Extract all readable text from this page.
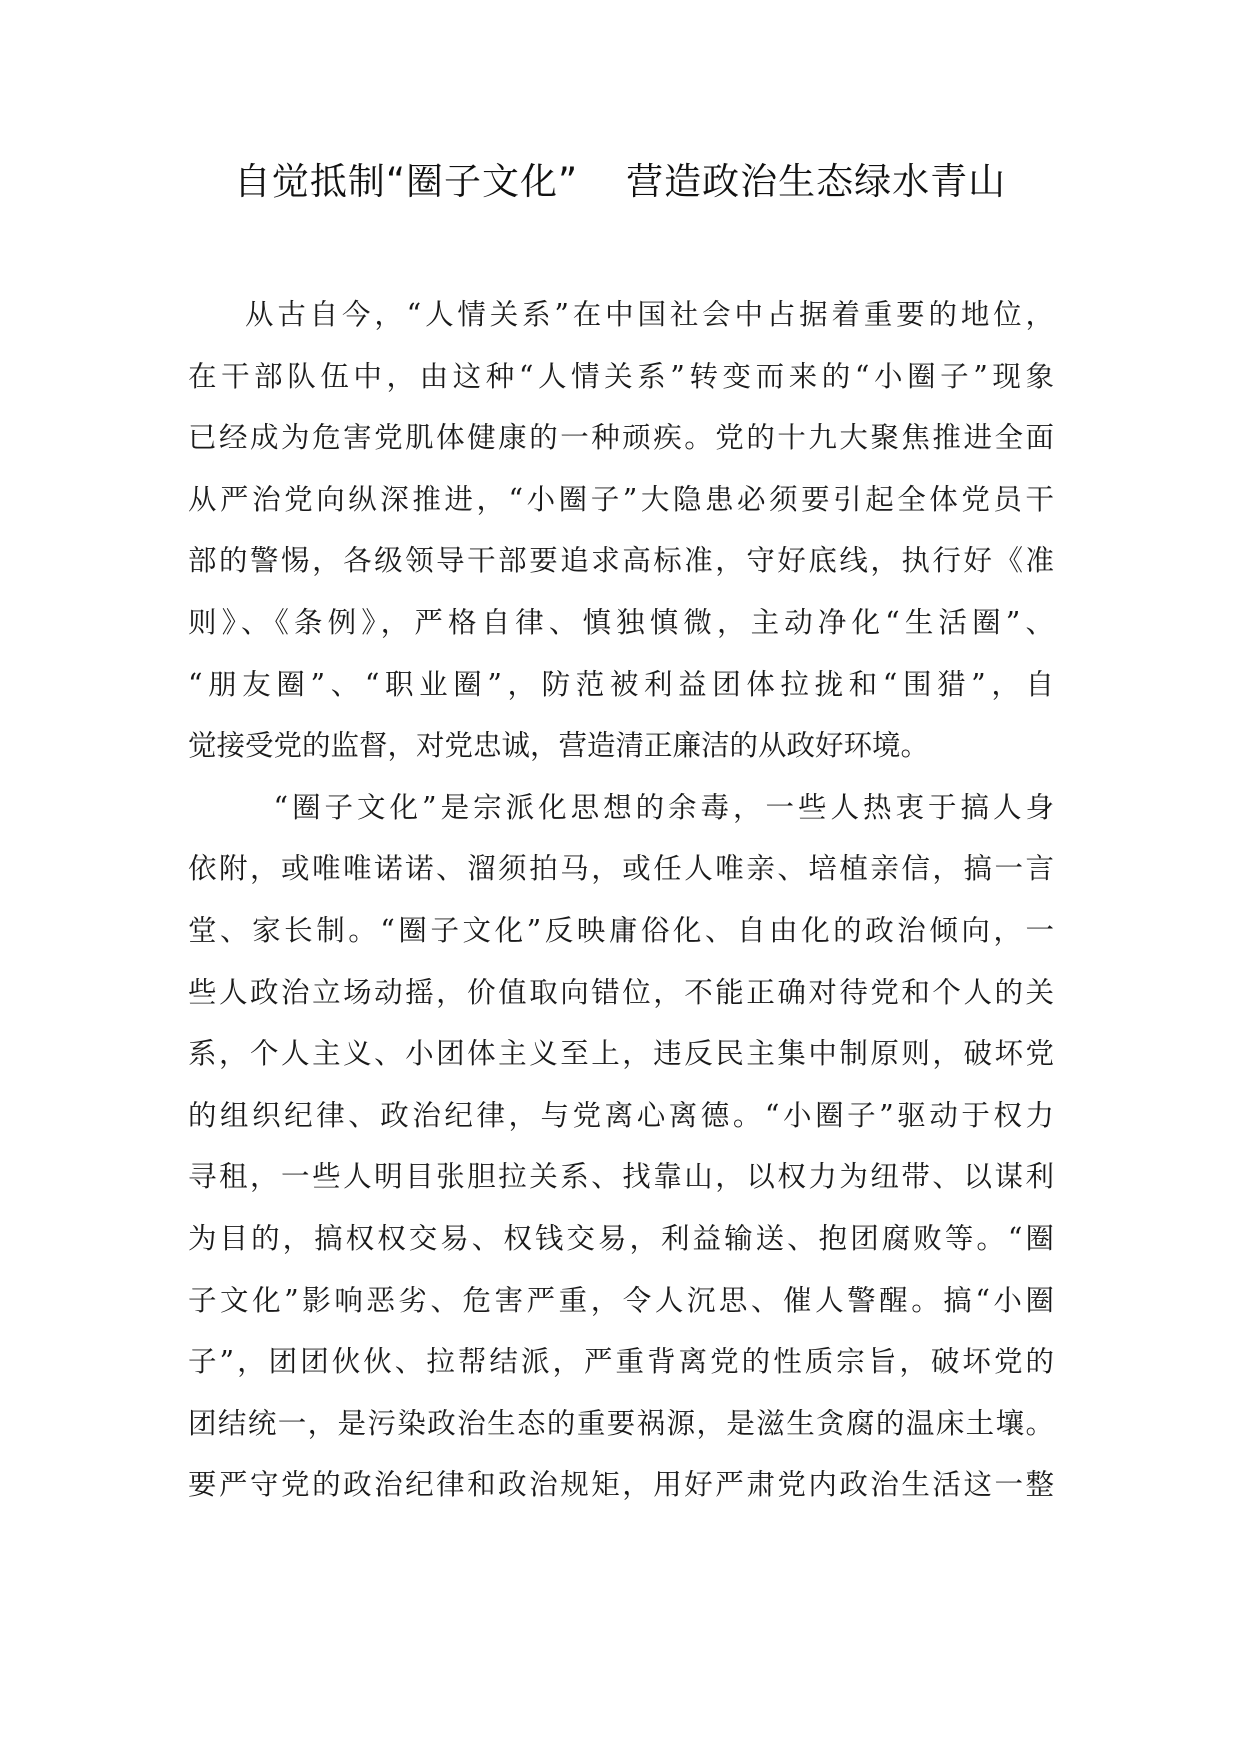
自觉抵制“圈子文化” 营造政治生态绿水青山
从古自今，“人情关系”在中国社会中占据着重要的地位，
在干部队伍中，由这种“人情关系”转变而来的“小圈子”现象
已经成为危害党肌体健康的一种顽疾。党的十九大聚焦推进全面
从严治党向纵深推进，“小圈子”大隐患必须要引起全体党员干
部的警惕，各级领导干部要追求高标准，守好底线，执行好《准
则》、《条例》，严格自律、慎独慎微，主动净化“生活圈”、
“朋友圈”、“职业圈”，防范被利益团体拉拢和“围猎”，自
觉接受党的监督，对党忠诚，营造清正廉洁的从政好环境。
“圈子文化”是宗派化思想的余毒，一些人热衷于搞人身
依附，或唯唯诺诺、溜须拍马，或任人唯亲、培植亲信，搞一言
堂、家长制。“圈子文化”反映庸俗化、自由化的政治倾向，一
些人政治立场动摇，价值取向错位，不能正确对待党和个人的关
系，个人主义、小团体主义至上，违反民主集中制原则，破坏党
的组织纪律、政治纪律，与党离心离德。“小圈子”驱动于权力
寻租，一些人明目张胆拉关系、找靠山，以权力为纽带、以谋利
为目的，搞权权交易、权钱交易，利益输送、抱团腐败等。“圈
子文化”影响恶劣、危害严重，令人沉思、催人警醒。搞“小圈
子”，团团伙伙、拉帮结派，严重背离党的性质宗旨，破坏党的
团结统一，是污染政治生态的重要祸源，是滋生贪腐的温床土壤。
要严守党的政治纪律和政治规矩，用好严肃党内政治生活这一整
